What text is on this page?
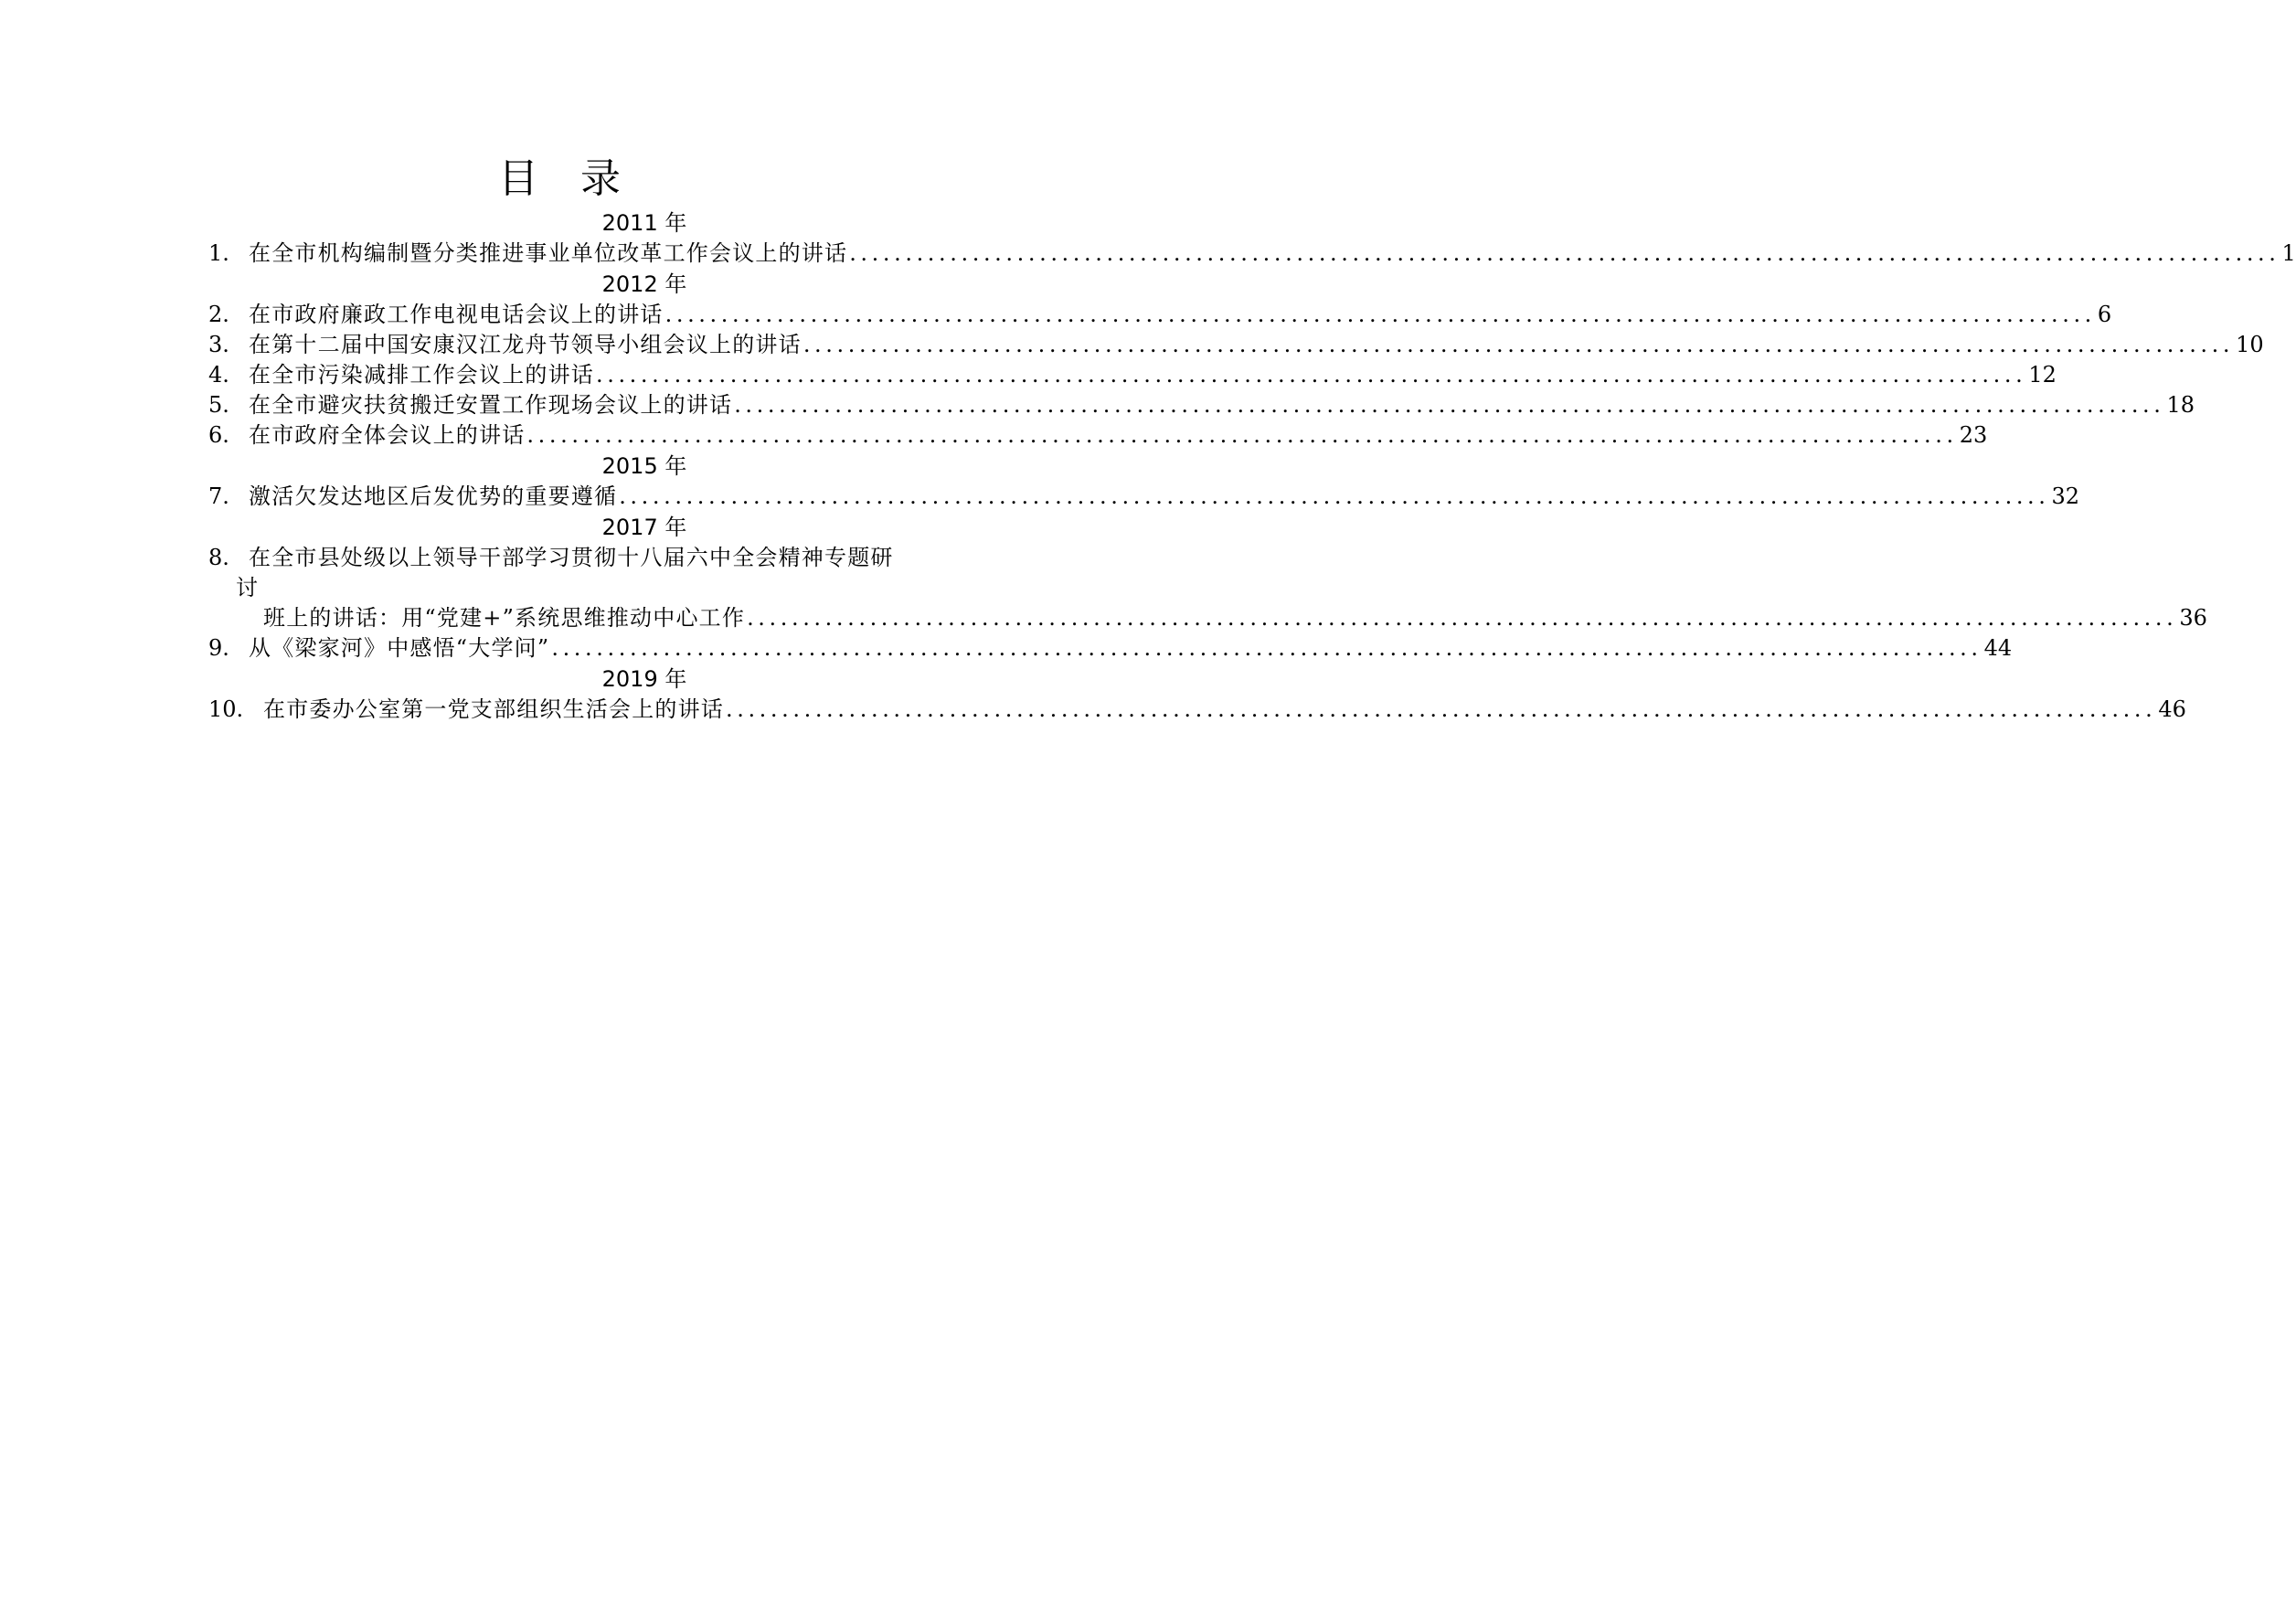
目 录
2011 年
1. 在全市机构编制暨分类推进事业单位改革工作会议上的讲话 ................................................................................................................................ 1
2012 年
2. 在市政府廉政工作电视电话会议上的讲话 ................................................................................................................................ 6
3. 在第十二届中国安康汉江龙舟节领导小组会议上的讲话 ................................................................................................................................ 10
4. 在全市污染减排工作会议上的讲话 ................................................................................................................................ 12
5. 在全市避灾扶贫搬迁安置工作现场会议上的讲话 ................................................................................................................................ 18
6. 在市政府全体会议上的讲话 ................................................................................................................................ 23
2015 年
7. 激活欠发达地区后发优势的重要遵循 ................................................................................................................................ 32
2017 年
8. 在全市县处级以上领导干部学习贯彻十八届六中全会精神专题研
讨
班上的讲话：用“党建+”系统思维推动中心工作 ................................................................................................................................ 36
9. 从《梁家河》中感悟“大学问” ................................................................................................................................ 44
2019 年
10. 在市委办公室第一党支部组织生活会上的讲话 ................................................................................................................................ 46
